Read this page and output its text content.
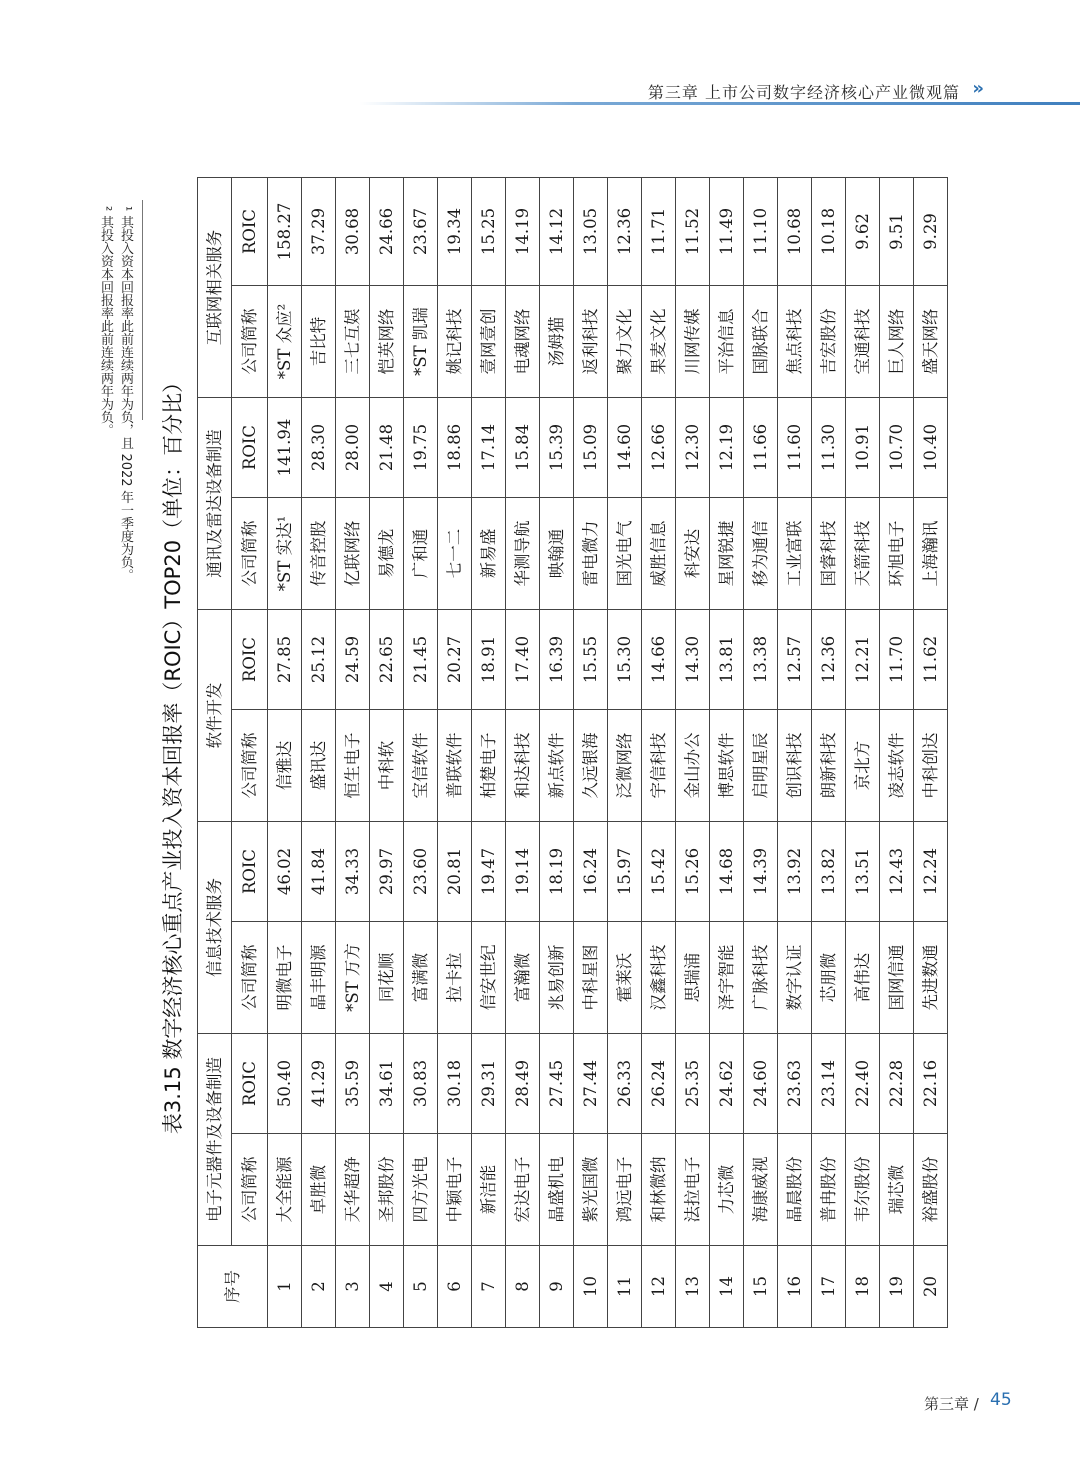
第三章 上市公司数字经济核心产业微观篇 »
¹ 其投入资本回报率此前连续两年为负，且 2022 年一季度为负。
² 其投入资本回报率此前连续两年为负。
表3.15 数字经济核心重点产业投入资本回报率（ROIC）TOP20（单位：百分比）
序号	电子元器件及设备制造		信息技术服务		软件开发		通讯及雷达设备制造		互联网相关服务	
	公司简称	ROIC	公司简称	ROIC	公司简称	ROIC	公司简称	ROIC	公司简称	ROIC
1	大全能源	50.40	明微电子	46.02	信雅达	27.85	*ST 实达¹	141.94	*ST 众应²	158.27
2	卓胜微	41.29	晶丰明源	41.84	盛讯达	25.12	传音控股	28.30	吉比特	37.29
3	天华超净	35.59	*ST 万方	34.33	恒生电子	24.59	亿联网络	28.00	三七互娱	30.68
4	圣邦股份	34.61	同花顺	29.97	中科软	22.65	易德龙	21.48	恺英网络	24.66
5	四方光电	30.83	富满微	23.60	宝信软件	21.45	广和通	19.75	*ST 凯瑞	23.67
6	中颖电子	30.18	拉卡拉	20.81	普联软件	20.27	七一二	18.86	姚记科技	19.34
7	新洁能	29.31	信安世纪	19.47	柏楚电子	18.91	新易盛	17.14	壹网壹创	15.25
8	宏达电子	28.49	富瀚微	19.14	和达科技	17.40	华测导航	15.84	电魂网络	14.19
9	晶盛机电	27.45	兆易创新	18.19	新点软件	16.39	映翰通	15.39	汤姆猫	14.12
10	紫光国微	27.44	中科星图	16.24	久远银海	15.55	雷电微力	15.09	返利科技	13.05
11	鸿远电子	26.33	霍莱沃	15.97	泛微网络	15.30	国光电气	14.60	聚力文化	12.36
12	和林微纳	26.24	汉鑫科技	15.42	宇信科技	14.66	威胜信息	12.66	果麦文化	11.71
13	法拉电子	25.35	思瑞浦	15.26	金山办公	14.30	科安达	12.30	川网传媒	11.52
14	力芯微	24.62	泽宇智能	14.68	博思软件	13.81	星网锐捷	12.19	平治信息	11.49
15	海康威视	24.60	广脉科技	14.39	启明星辰	13.38	移为通信	11.66	国脉联合	11.10
16	晶晨股份	23.63	数字认证	13.92	创识科技	12.57	工业富联	11.60	焦点科技	10.68
17	普冉股份	23.14	芯朋微	13.82	朗新科技	12.36	国睿科技	11.30	吉宏股份	10.18
18	韦尔股份	22.40	高伟达	13.51	京北方	12.21	天箭科技	10.91	宝通科技	9.62
19	瑞芯微	22.28	国网信通	12.43	凌志软件	11.70	环旭电子	10.70	巨人网络	9.51
20	裕盛股份	22.16	先进数通	12.24	中科创达	11.62	上海瀚讯	10.40	盛天网络	9.29
第三章 / 45
